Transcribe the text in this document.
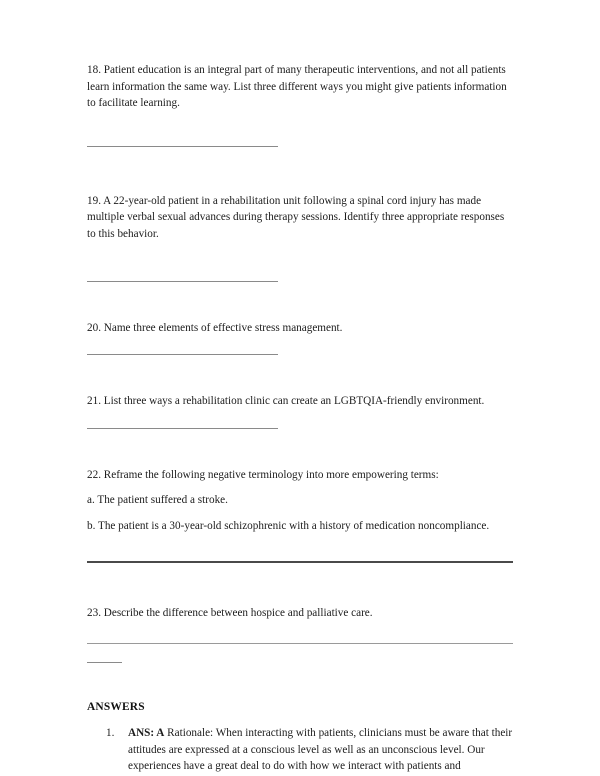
18. Patient education is an integral part of many therapeutic interventions, and not all patients learn information the same way. List three different ways you might give patients information to facilitate learning.

19. A 22-year-old patient in a rehabilitation unit following a spinal cord injury has made multiple verbal sexual advances during therapy sessions. Identify three appropriate responses to this behavior.

20. Name three elements of effective stress management.

21. List three ways a rehabilitation clinic can create an LGBTQIA-friendly environment.

22. Reframe the following negative terminology into more empowering terms:

a. The patient suffered a stroke.

b. The patient is a 30-year-old schizophrenic with a history of medication noncompliance.

23. Describe the difference between hospice and palliative care.

ANSWERS

1. ANS: A Rationale: When interacting with patients, clinicians must be aware that their attitudes are expressed at a conscious level as well as an unconscious level. Our experiences have a great deal to do with how we interact with patients and
